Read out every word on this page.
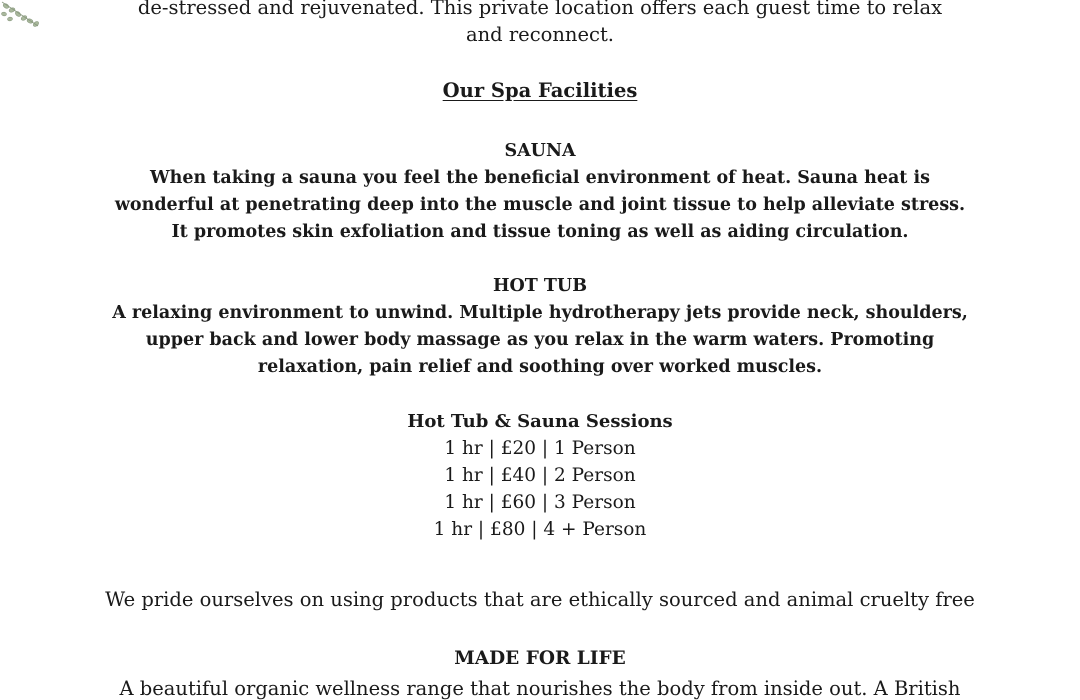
de-stressed and rejuvenated. This private location offers each guest time to relax
and reconnect.
Our Spa Facilities
SAUNA
When taking a sauna you feel the beneficial environment of heat. Sauna heat is
wonderful at penetrating deep into the muscle and joint tissue to help alleviate stress.
It promotes skin exfoliation and tissue toning as well as aiding circulation.
HOT TUB
A relaxing environment to unwind. Multiple hydrotherapy jets provide neck, shoulders,
upper back and lower body massage as you relax in the warm waters. Promoting
relaxation, pain relief and soothing over worked muscles.
Hot Tub & Sauna Sessions
1 hr | £20 | 1 Person
1 hr | £40 | 2 Person
1 hr | £60 | 3 Person
1 hr | £80 | 4 + Person
We pride ourselves on using products that are ethically sourced and animal cruelty free
MADE FOR LIFE
A beautiful organic wellness range that nourishes the body from inside out. A British
